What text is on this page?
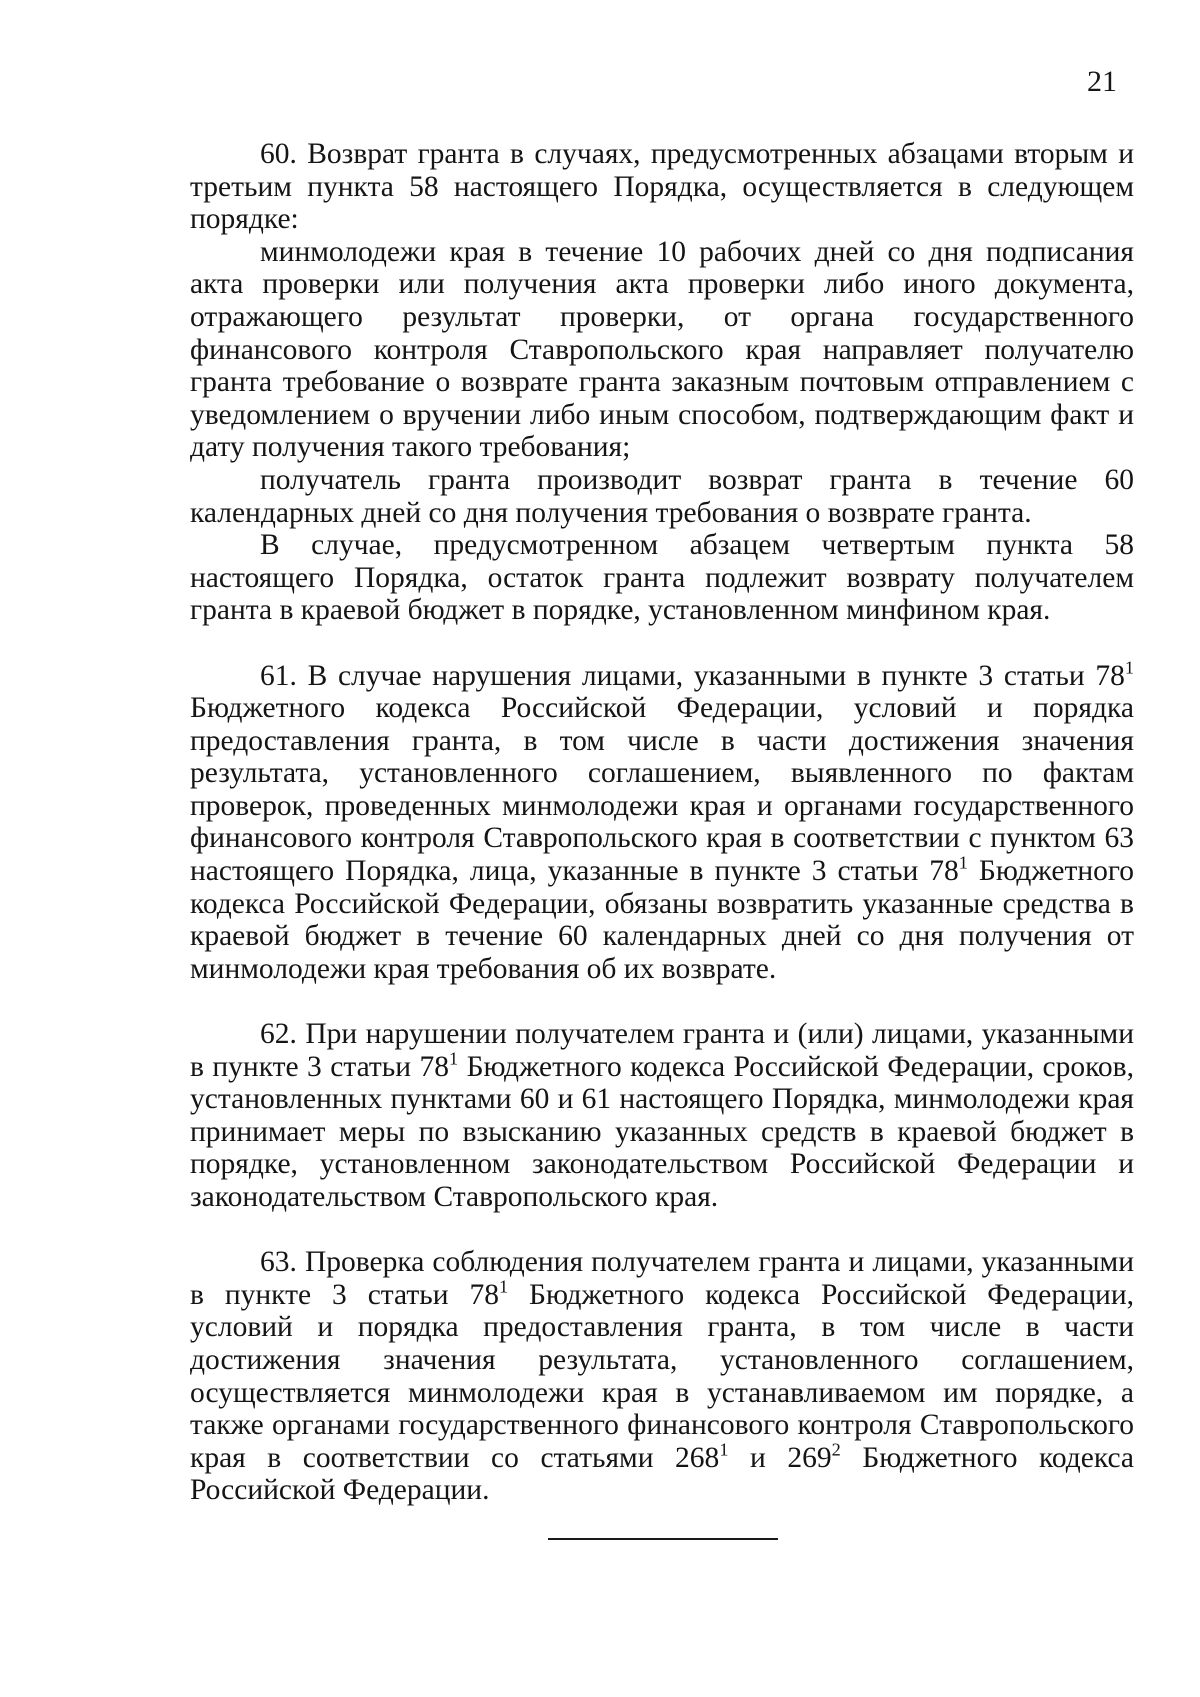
21

60. Возврат гранта в случаях, предусмотренных абзацами вторым и третьим пункта 58 настоящего Порядка, осуществляется в следующем порядке:

минмолодежи края в течение 10 рабочих дней со дня подписания акта проверки или получения акта проверки либо иного документа, отражающего результат проверки, от органа государственного финансового контроля Ставропольского края направляет получателю гранта требование о возврате гранта заказным почтовым отправлением с уведомлением о вручении либо иным способом, подтверждающим факт и дату получения такого требования;

получатель гранта производит возврат гранта в течение 60 календарных дней со дня получения требования о возврате гранта.

В случае, предусмотренном абзацем четвертым пункта 58 настоящего Порядка, остаток гранта подлежит возврату получателем гранта в краевой бюджет в порядке, установленном минфином края.

61. В случае нарушения лицами, указанными в пункте 3 статьи $78^1$ Бюджетного кодекса Российской Федерации, условий и порядка предоставления гранта, в том числе в части достижения значения результата, установленного соглашением, выявленного по фактам проверок, проведенных минмолодежи края и органами государственного финансового контроля Ставропольского края в соответствии с пунктом 63 настоящего Порядка, лица, указанные в пункте 3 статьи $78^1$ Бюджетного кодекса Российской Федерации, обязаны возвратить указанные средства в краевой бюджет в течение 60 календарных дней со дня получения от минмолодежи края требования об их возврате.

62. При нарушении получателем гранта и (или) лицами, указанными в пункте 3 статьи $78^1$ Бюджетного кодекса Российской Федерации, сроков, установленных пунктами 60 и 61 настоящего Порядка, минмолодежи края принимает меры по взысканию указанных средств в краевой бюджет в порядке, установленном законодательством Российской Федерации и законодательством Ставропольского края.

63. Проверка соблюдения получателем гранта и лицами, указанными в пункте 3 статьи $78^1$ Бюджетного кодекса Российской Федерации, условий и порядка предоставления гранта, в том числе в части достижения значения результата, установленного соглашением, осуществляется минмолодежи края в устанавливаемом им порядке, а также органами государственного финансового контроля Ставропольского края в соответствии со статьями $268^1$ и $269^2$ Бюджетного кодекса Российской Федерации.
